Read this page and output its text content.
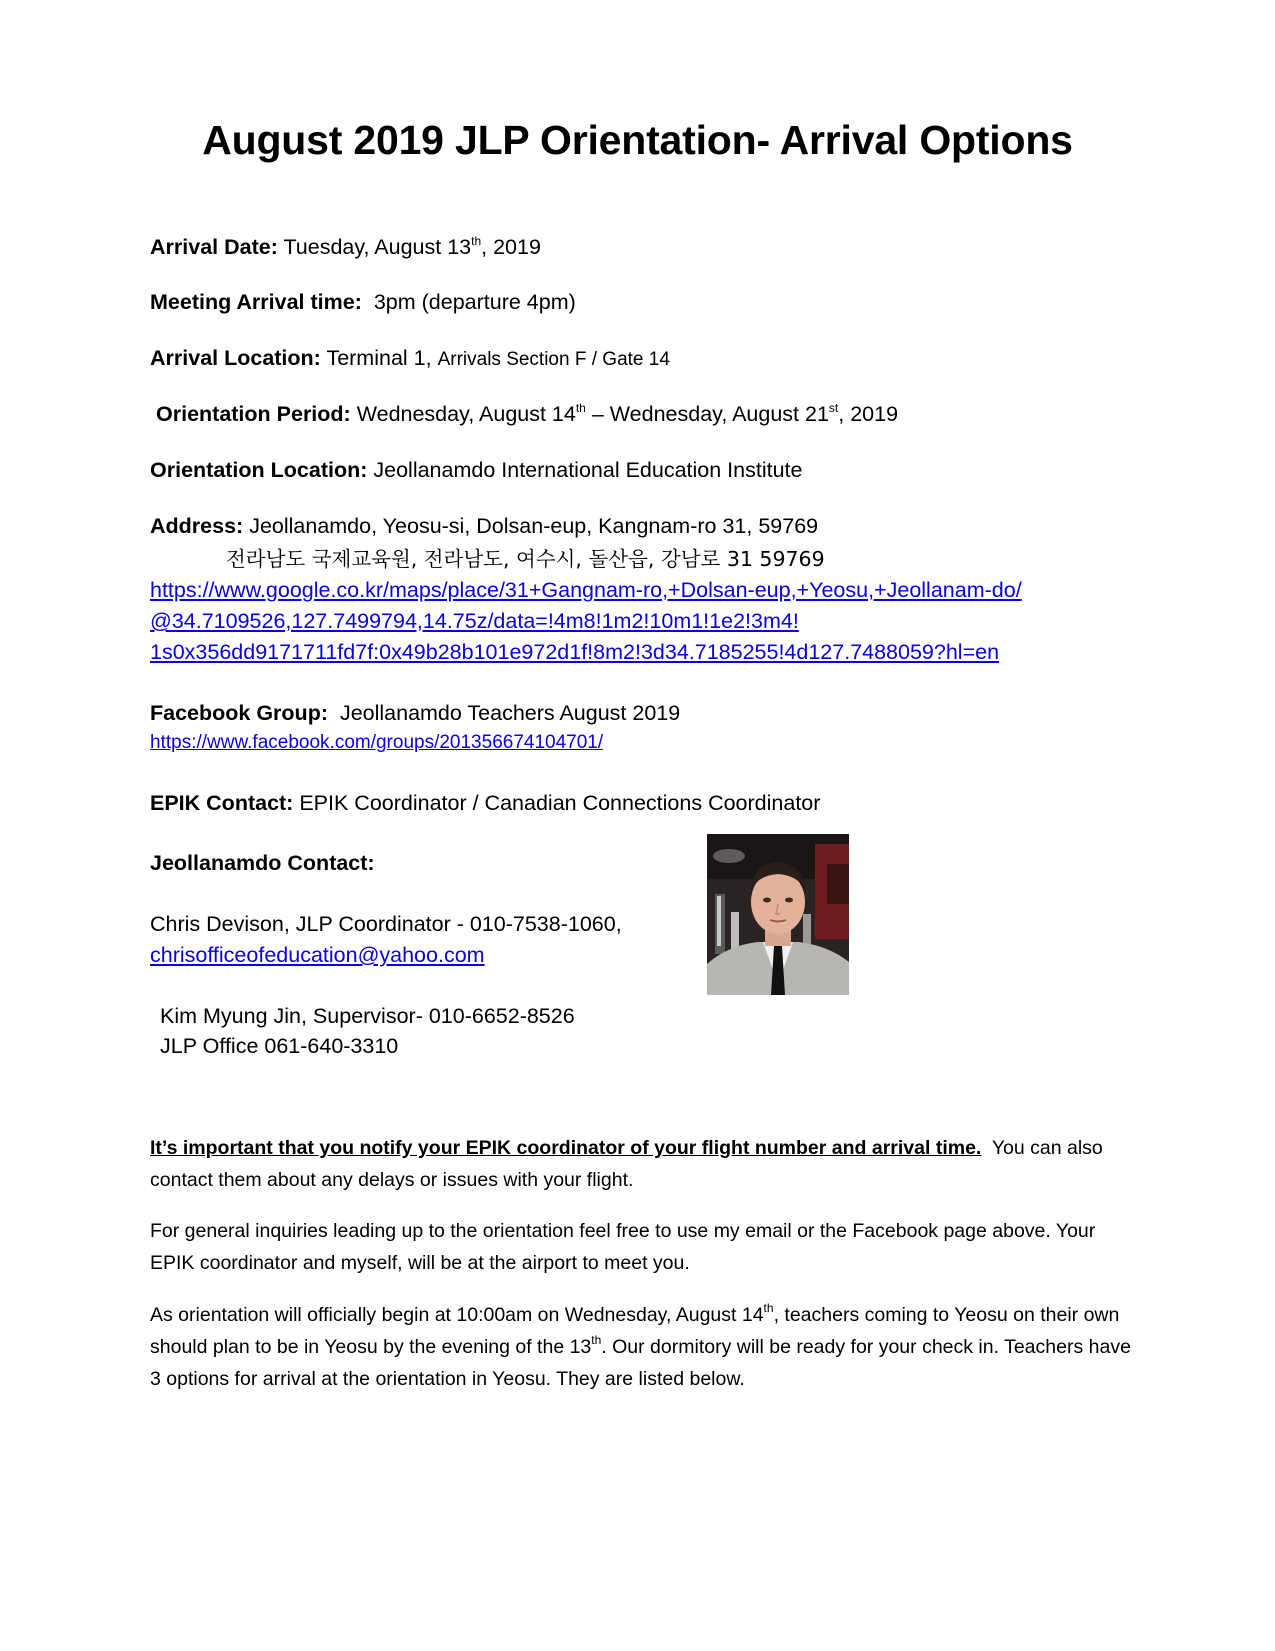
August 2019 JLP Orientation- Arrival Options
Arrival Date: Tuesday, August 13th, 2019
Meeting Arrival time: 3pm (departure 4pm)
Arrival Location: Terminal 1, Arrivals Section F / Gate 14
Orientation Period: Wednesday, August 14th – Wednesday, August 21st, 2019
Orientation Location: Jeollanamdo International Education Institute
Address: Jeollanamdo, Yeosu-si, Dolsan-eup, Kangnam-ro 31, 59769
전라남도 국제교육원, 전라남도, 여수시, 돌산읍, 강남로 31 59769
https://www.google.co.kr/maps/place/31+Gangnam-ro,+Dolsan-eup,+Yeosu,+Jeollanam-do/
@34.7109526,127.7499794,14.75z/data=!4m8!1m2!10m1!1e2!3m4!
1s0x356dd9171711fd7f:0x49b28b101e972d1f!8m2!3d34.7185255!4d127.7488059?hl=en
Facebook Group: Jeollanamdo Teachers August 2019
https://www.facebook.com/groups/201356674104701/
EPIK Contact: EPIK Coordinator / Canadian Connections Coordinator
Jeollanamdo Contact:
Chris Devison, JLP Coordinator - 010-7538-1060,
chrisofficeofeducation@yahoo.com
Kim Myung Jin, Supervisor- 010-6652-8526
JLP Office 061-640-3310

It’s important that you notify your EPIK coordinator of your flight number and arrival time. You can also contact them about any delays or issues with your flight.

For general inquiries leading up to the orientation feel free to use my email or the Facebook page above. Your EPIK coordinator and myself, will be at the airport to meet you.

As orientation will officially begin at 10:00am on Wednesday, August 14th, teachers coming to Yeosu on their own should plan to be in Yeosu by the evening of the 13th. Our dormitory will be ready for your check in. Teachers have 3 options for arrival at the orientation in Yeosu. They are listed below.
